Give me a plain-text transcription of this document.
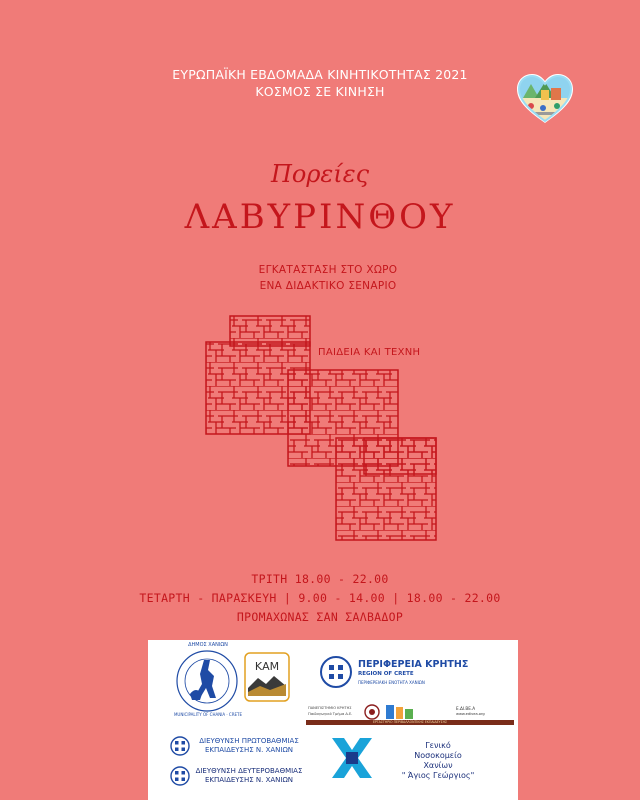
ΕΥΡΩΠΑΪΚΗ ΕΒΔΟΜΑΔΑ ΚΙΝΗΤΙΚΟΤΗΤΑΣ 2021
ΚΟΣΜΟΣ ΣΕ ΚΙΝΗΣΗ
Πορείες
ΛΑΒΥΡΙΝΘΟΥ
ΕΓΚΑΤΑΣΤΑΣΗ ΣΤΟ ΧΩΡΟ
ΕΝΑ ΔΙΔΑΚΤΙΚΟ ΣΕΝΑΡΙΟ
ΠΑΙΔΕΙΑ ΚΑΙ ΤΕΧΝΗ
ΤΡΙΤΗ 18.00 - 22.00
ΤΕΤΑΡΤΗ - ΠΑΡΑΣΚΕΥΗ | 9.00 - 14.00 | 18.00 - 22.00
ΠΡΟΜΑΧΩΝΑΣ ΣΑΝ ΣΑΛΒΑΔΟΡ
ΔΗΜΟΣ ΧΑΝΙΩΝ
MUNICIPALITY OF CHANIA · CRETE
ΚΑΜ	ΠΕΡΙΦΕΡΕΙΑ ΚΡΗΤΗΣ
REGION OF CRETE
ΠΕΡΙΦΕΡΕΙΑΚΗ ΕΝΟΤΗΤΑ ΧΑΝΙΩΝ
ΠΑΝΕΠΙΣΤΗΜΙΟ ΚΡΗΤΗΣ
Παιδαγωγικό Τμήμα Δ.Ε.
Ε.ΔΙ.ΒΕ.Α
www.edivea.org
ΕΡΓΑΣΤΗΡΙΟ ΠΕΡΙΒΑΛΛΟΝΤΙΚΗΣ ΕΚΠΑΙΔΕΥΣΗΣ
ΔΙΕΥΘΥΝΣΗ ΠΡΩΤΟΒΑΘΜΙΑΣ
ΕΚΠΑΙΔΕΥΣΗΣ Ν. ΧΑΝΙΩΝ
ΔΙΕΥΘΥΝΣΗ ΔΕΥΤΕΡΟΒΑΘΜΙΑΣ
ΕΚΠΑΙΔΕΥΣΗΣ Ν. ΧΑΝΙΩΝ
Γενικό
Νοσοκομείο
Χανίων
" Άγιος Γεώργιος"
